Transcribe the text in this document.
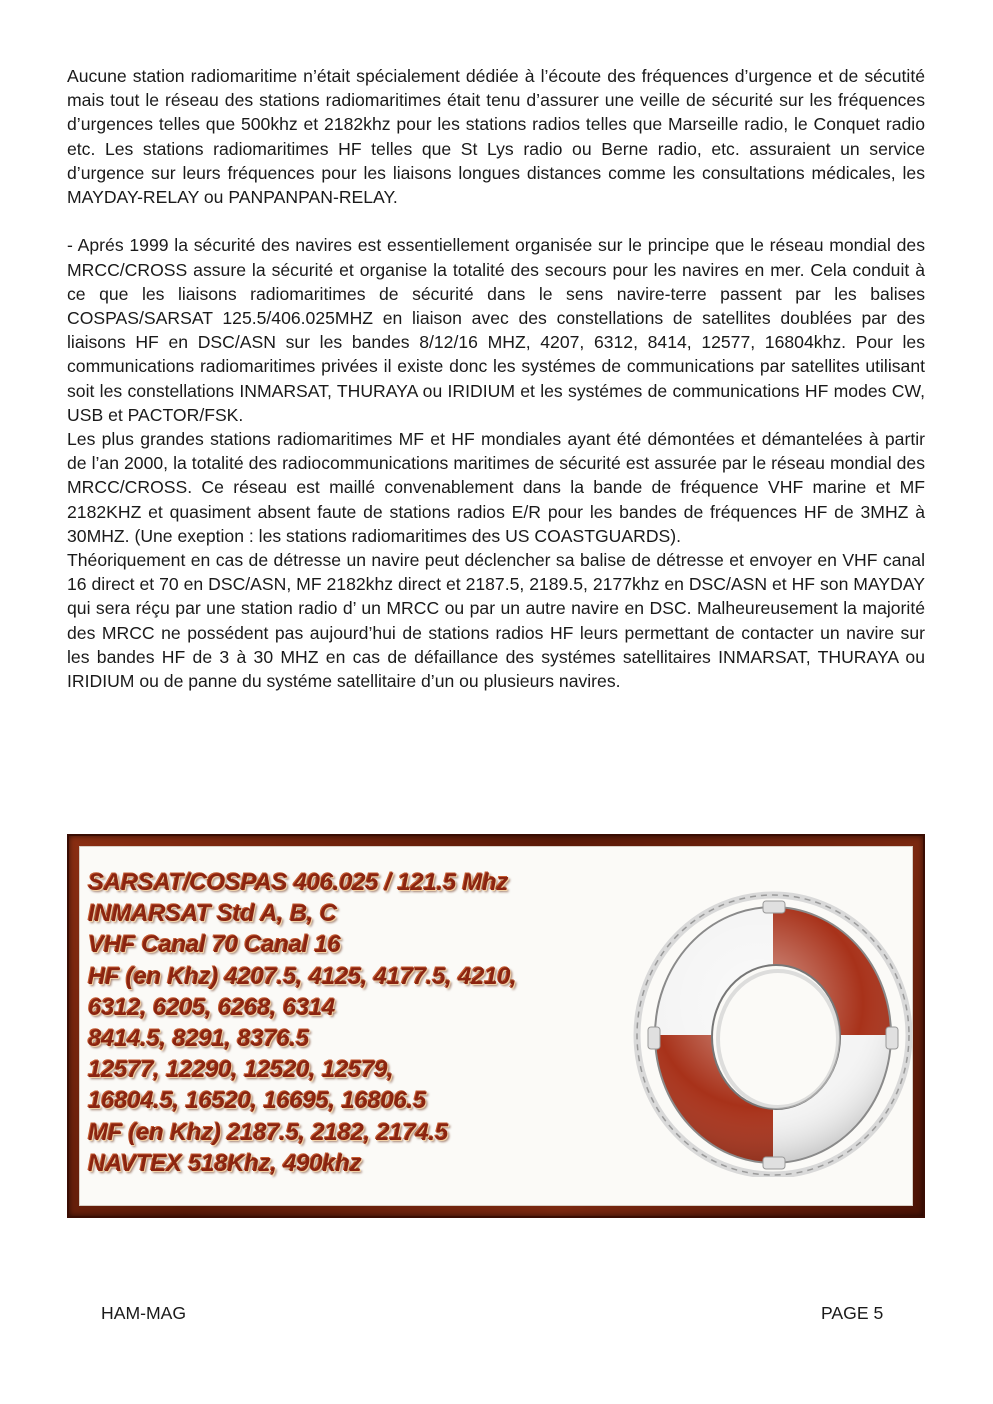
Aucune station radiomaritime n’était spécialement dédiée à l’écoute des fréquences d’urgence et de sécutité mais tout le réseau des stations radiomaritimes était tenu d’assurer une veille de sécurité sur les fréquences d’urgences telles que 500khz et 2182khz pour les stations radios telles que Marseille radio, le Conquet radio etc. Les stations radiomaritimes HF telles que St Lys radio ou Berne radio, etc. assuraient un service d’urgence sur leurs fréquences pour les liaisons longues distances comme les consultations médicales, les MAYDAY-RELAY ou PANPANPAN-RELAY.

- Aprés 1999 la sécurité des navires est essentiellement organisée sur le principe que le réseau mondial des MRCC/CROSS assure la sécurité et organise la totalité des secours pour les navires en mer. Cela conduit à ce que les liaisons radiomaritimes de sécurité dans le sens navire-terre passent par les balises COSPAS/SARSAT 125.5/406.025MHZ en liaison avec des constellations de satellites doublées par des liaisons HF en DSC/ASN sur les bandes 8/12/16 MHZ, 4207, 6312, 8414, 12577, 16804khz. Pour les communications radiomaritimes privées il existe donc les systémes de communications par satellites utilisant soit les constellations INMARSAT, THURAYA ou IRIDIUM et les systémes de communications HF modes CW, USB et PACTOR/FSK.

Les plus grandes stations radiomaritimes MF et HF mondiales ayant été démontées et démantelées à partir de l’an 2000, la totalité des radiocommunications maritimes de sécurité est assurée par le réseau mondial des MRCC/CROSS. Ce réseau est maillé convenablement dans la bande de fréquence VHF marine et MF 2182KHZ et quasiment absent faute de stations radios E/R pour les bandes de fréquences HF de 3MHZ à 30MHZ. (Une exeption : les stations radiomaritimes des US COASTGUARDS).

Théoriquement en cas de détresse un navire peut déclencher sa balise de détresse et envoyer en VHF canal 16 direct et 70 en DSC/ASN, MF 2182khz direct et 2187.5, 2189.5, 2177khz en DSC/ASN et HF son MAYDAY qui sera réçu par une station radio d’ un MRCC ou par un autre navire en DSC. Malheureusement la majorité des MRCC ne possédent pas aujourd’hui de stations radios HF leurs permettant de contacter un navire sur les bandes HF de 3 à 30 MHZ en cas de défaillance des systémes satellitaires INMARSAT, THURAYA ou IRIDIUM ou de panne du systéme satellitaire d’un ou plusieurs navires.

SARSAT/COSPAS 406.025 / 121.5 Mhz
INMARSAT Std A, B, C
VHF Canal 70 Canal 16
HF (en Khz) 4207.5, 4125, 4177.5, 4210,
6312, 6205, 6268, 6314
8414.5, 8291, 8376.5
12577, 12290, 12520, 12579,
16804.5, 16520, 16695, 16806.5
MF (en Khz) 2187.5, 2182, 2174.5
NAVTEX 518Khz, 490khz
HAM-MAG	PAGE 5
